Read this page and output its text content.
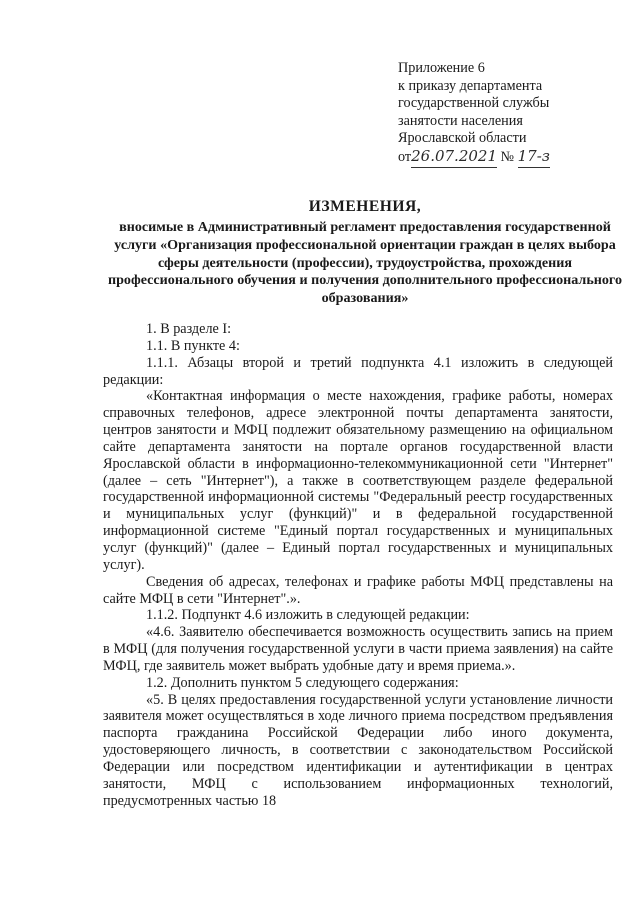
Приложение 6
к приказу департамента
государственной службы
занятости населения
Ярославской области
от26.07.2021 № 17-з
ИЗМЕНЕНИЯ,
вносимые в Административный регламент предоставления государственной услуги «Организация профессиональной ориентации граждан в целях выбора сферы деятельности (профессии), трудоустройства, прохождения профессионального обучения и получения дополнительного профессионального образования»

1. В разделе I:

1.1. В пункте 4:

1.1.1. Абзацы второй и третий подпункта 4.1 изложить в следующей редакции:

«Контактная информация о месте нахождения, графике работы, номерах справочных телефонов, адресе электронной почты департамента занятости, центров занятости и МФЦ подлежит обязательному размещению на официальном сайте департамента занятости на портале органов государственной власти Ярославской области в информационно-телекоммуникационной сети "Интернет" (далее – сеть "Интернет"), а также в соответствующем разделе федеральной государственной информационной системы "Федеральный реестр государственных и муниципальных услуг (функций)" и в федеральной государственной информационной системе "Единый портал государственных и муниципальных услуг (функций)" (далее – Единый портал государственных и муниципальных услуг).

Сведения об адресах, телефонах и графике работы МФЦ представлены на сайте МФЦ в сети "Интернет".».

1.1.2. Подпункт 4.6 изложить в следующей редакции:

«4.6. Заявителю обеспечивается возможность осуществить запись на прием в МФЦ (для получения государственной услуги в части приема заявления) на сайте МФЦ, где заявитель может выбрать удобные дату и время приема.».

1.2. Дополнить пунктом 5 следующего содержания:

«5. В целях предоставления государственной услуги установление личности заявителя может осуществляться в ходе личного приема посредством предъявления паспорта гражданина Российской Федерации либо иного документа, удостоверяющего личность, в соответствии с законодательством Российской Федерации или посредством идентификации и аутентификации в центрах занятости, МФЦ с использованием информационных технологий, предусмотренных частью 18
